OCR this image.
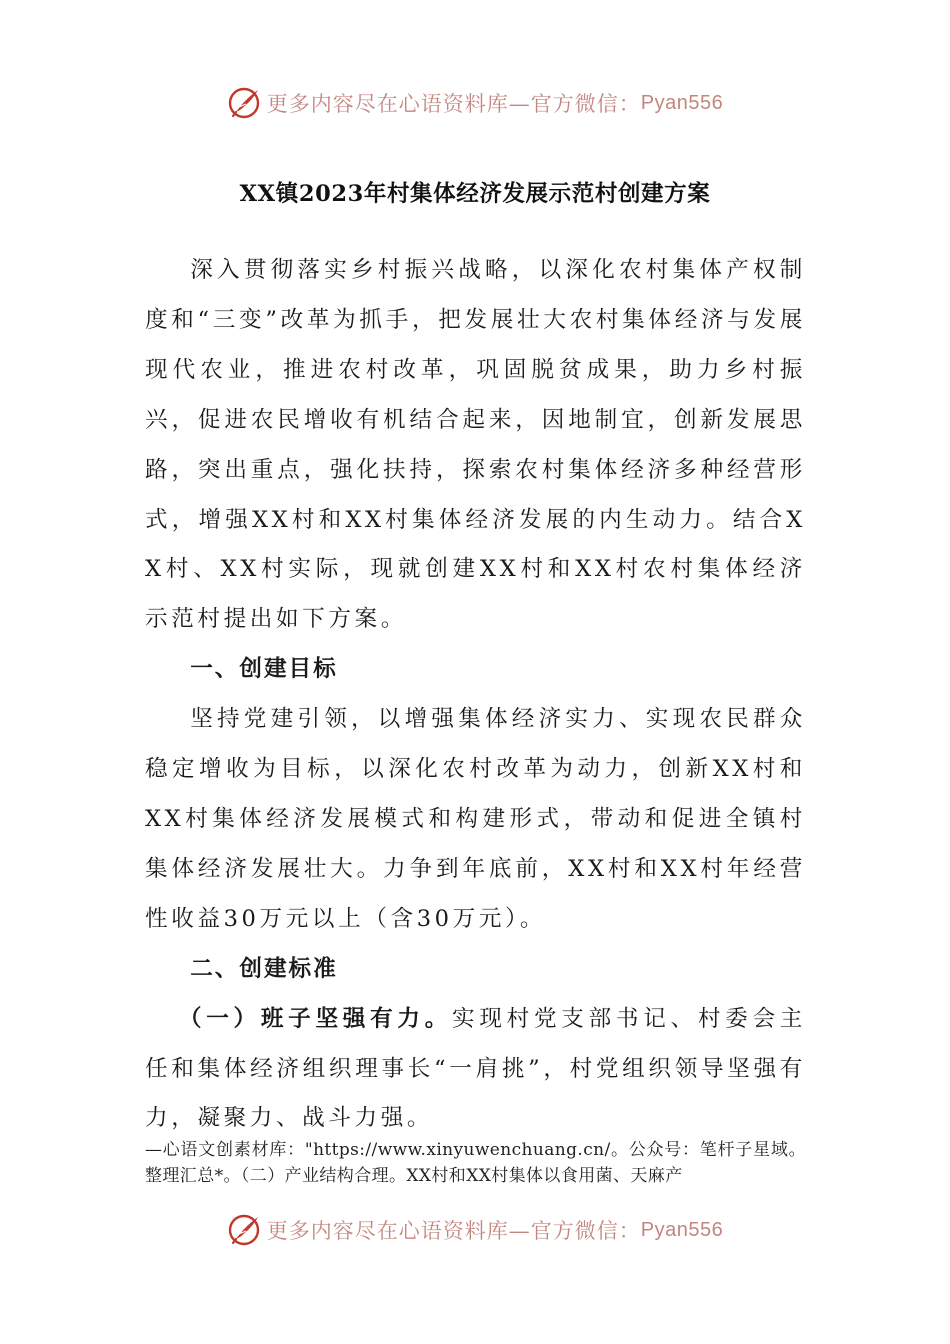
更多内容尽在心语资料库—官方微信： Pyan556
XX镇2023年村集体经济发展示范村创建方案

深入贯彻落实乡村振兴战略，以深化农村集体产权制度和“三变”改革为抓手，把发展壮大农村集体经济与发展现代农业，推进农村改革，巩固脱贫成果，助力乡村振兴，促进农民增收有机结合起来，因地制宜，创新发展思路，突出重点，强化扶持，探索农村集体经济多种经营形式，增强XX村和XX村集体经济发展的内生动力。结合XX村、XX村实际，现就创建XX村和XX村农村集体经济示范村提出如下方案。

一、创建目标

坚持党建引领，以增强集体经济实力、实现农民群众稳定增收为目标，以深化农村改革为动力，创新XX村和XX村集体经济发展模式和构建形式，带动和促进全镇村集体经济发展壮大。力争到年底前，XX村和XX村年经营性收益30万元以上（含30万元）。

二、创建标准

（一）班子坚强有力。实现村党支部书记、村委会主任和集体经济组织理事长“一肩挑”，村党组织领导坚强有力，凝聚力、战斗力强。

—心语文创素材库："https://www.xinyuwenchuang.cn/。公众号：笔杆子星域。整理汇总*。（二）产业结构合理。XX村和XX村集体以食用菌、天麻产
更多内容尽在心语资料库—官方微信： Pyan556
